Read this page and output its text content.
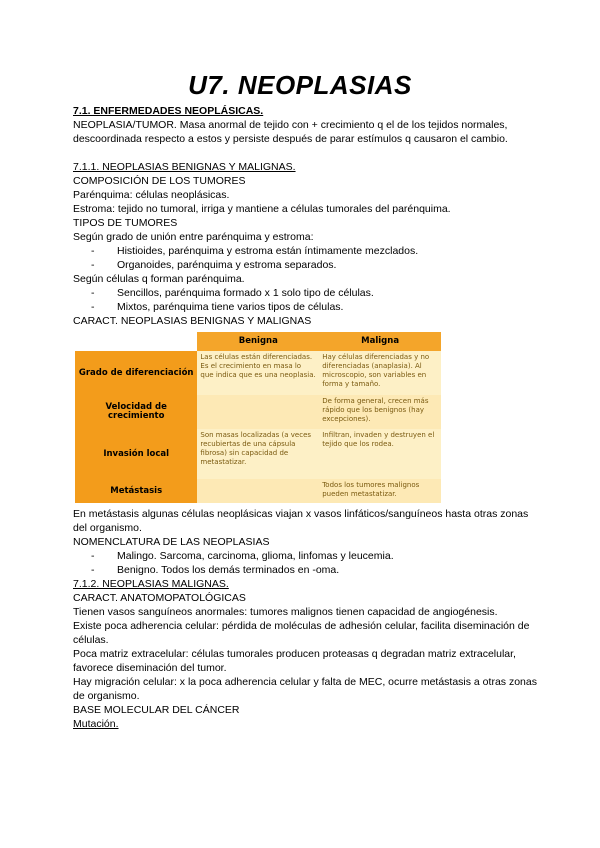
U7. NEOPLASIAS

7.1. ENFERMEDADES NEOPLÁSICAS.

NEOPLASIA/TUMOR. Masa anormal de tejido con + crecimiento q el de los tejidos normales, descoordinada respecto a estos y persiste después de parar estímulos q causaron el cambio.

7.1.1. NEOPLASIAS BENIGNAS Y MALIGNAS.

COMPOSICIÓN DE LOS TUMORES

Parénquima: células neoplásicas.

Estroma: tejido no tumoral, irriga y mantiene a células tumorales del parénquima.

TIPOS DE TUMORES

Según grado de unión entre parénquima y estroma:

- Histioides, parénquima y estroma están íntimamente mezclados.
- Organoides, parénquima y estroma separados.

Según células q forman parénquima.

- Sencillos, parénquima formado x 1 solo tipo de células.
- Mixtos, parénquima tiene varios tipos de células.

CARACT. NEOPLASIAS BENIGNAS Y MALIGNAS

	Benigna	Maligna
Grado de diferenciación	Las células están diferenciadas. Es el crecimiento en masa lo que indica que es una neoplasia.	Hay células diferenciadas y no diferenciadas (anaplasia). Al microscopio, son variables en forma y tamaño.
Velocidad de crecimiento		De forma general, crecen más rápido que los benignos (hay excepciones).
Invasión local	Son masas localizadas (a veces recubiertas de una cápsula fibrosa) sin capacidad de metastatizar.	Infiltran, invaden y destruyen el tejido que los rodea.
Metástasis		Todos los tumores malignos pueden metastatizar.

En metástasis algunas células neoplásicas viajan x vasos linfáticos/sanguíneos hasta otras zonas del organismo.

NOMENCLATURA DE LAS NEOPLASIAS

- Malingo. Sarcoma, carcinoma, glioma, linfomas y leucemia.
- Benigno. Todos los demás terminados en -oma.

7.1.2. NEOPLASIAS MALIGNAS.

CARACT. ANATOMOPATOLÓGICAS

Tienen vasos sanguíneos anormales: tumores malignos tienen capacidad de angiogénesis.

Existe poca adherencia celular: pérdida de moléculas de adhesión celular, facilita diseminación de células.

Poca matriz extracelular: células tumorales producen proteasas q degradan matriz extracelular, favorece diseminación del tumor.

Hay migración celular: x la poca adherencia celular y falta de MEC, ocurre metástasis a otras zonas de organismo.

BASE MOLECULAR DEL CÁNCER

Mutación.
